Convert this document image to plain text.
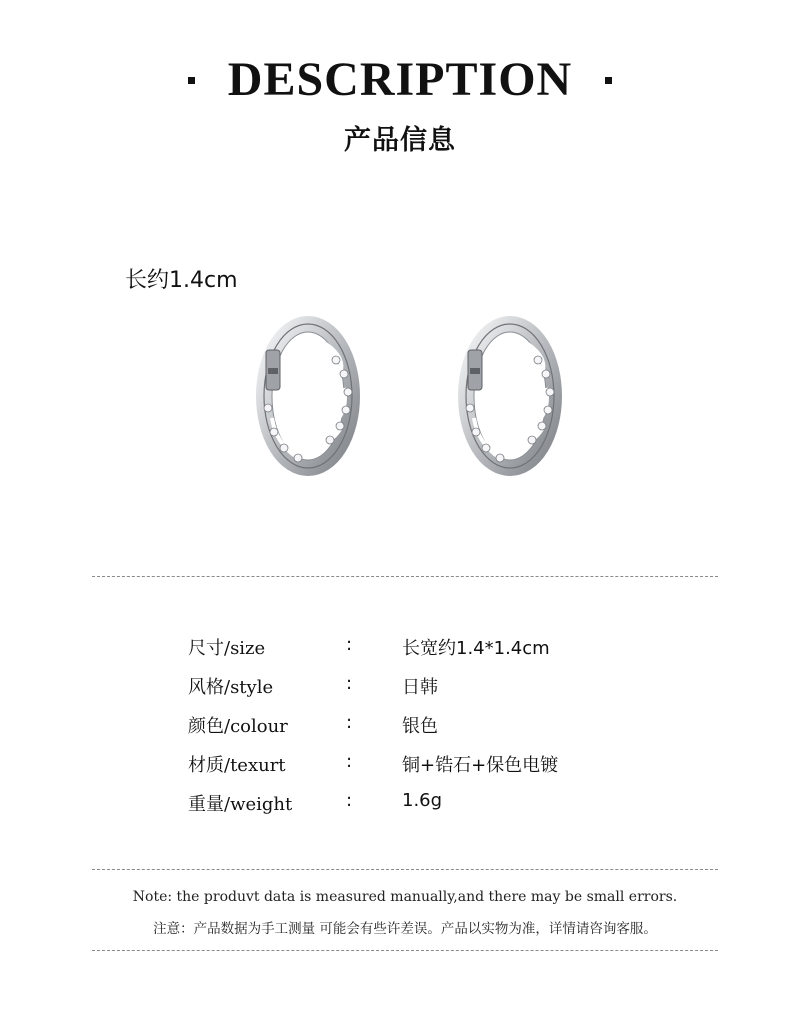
DESCRIPTION
产品信息
长约1.4cm
尺寸/size	:	长宽约1.4*1.4cm
风格/style	:	日韩
颜色/colour	:	银色
材质/texurt	:	铜+锆石+保色电镀
重量/weight	:	1.6g
Note: the produvt data is measured manually,and there may be small errors.
注意：产品数据为手工测量 可能会有些许差误。产品以实物为准，详情请咨询客服。
